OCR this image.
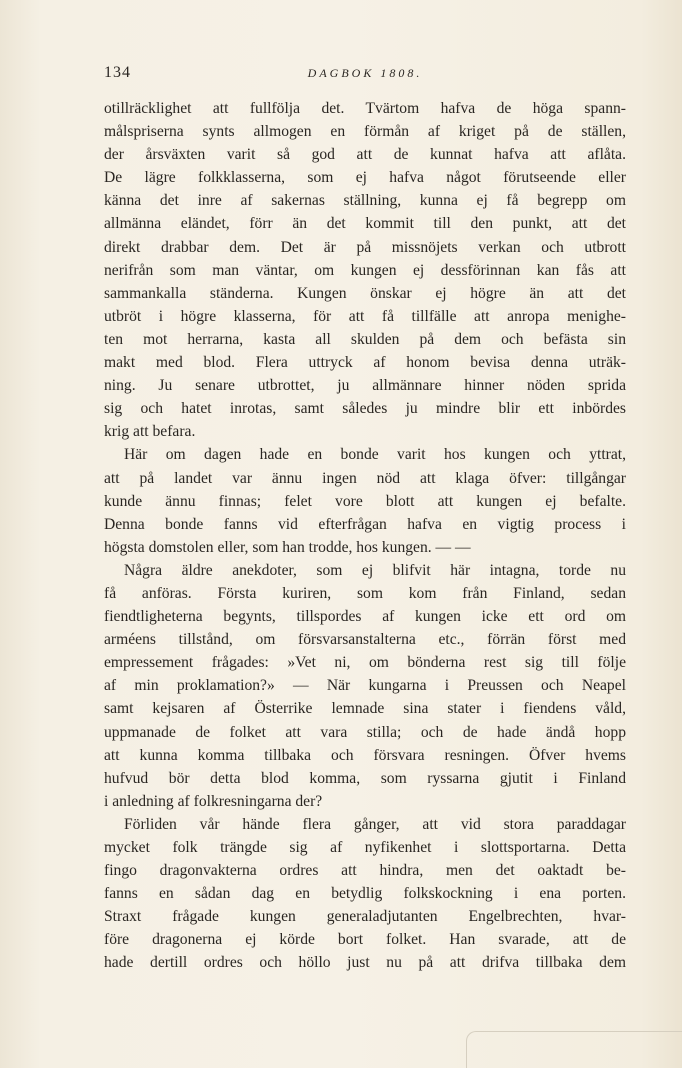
134	DAGBOK 1808.
otillräcklighet att fullfölja det. Tvärtom hafva de höga spann-
målspriserna synts allmogen en förmån af kriget på de ställen,
der årsväxten varit så god att de kunnat hafva att aflåta.
De lägre folkklasserna, som ej hafva något förutseende eller
känna det inre af sakernas ställning, kunna ej få begrepp om
allmänna eländet, förr än det kommit till den punkt, att det
direkt drabbar dem. Det är på missnöjets verkan och utbrott
nerifrån som man väntar, om kungen ej dessförinnan kan fås att
sammankalla ständerna. Kungen önskar ej högre än att det
utbröt i högre klasserna, för att få tillfälle att anropa menighe-
ten mot herrarna, kasta all skulden på dem och befästa sin
makt med blod. Flera uttryck af honom bevisa denna uträk-
ning. Ju senare utbrottet, ju allmännare hinner nöden sprida
sig och hatet inrotas, samt således ju mindre blir ett inbördes
krig att befara.
Här om dagen hade en bonde varit hos kungen och yttrat,
att på landet var ännu ingen nöd att klaga öfver: tillgångar
kunde ännu finnas; felet vore blott att kungen ej befalte.
Denna bonde fanns vid efterfrågan hafva en vigtig process i
högsta domstolen eller, som han trodde, hos kungen. — —
Några äldre anekdoter, som ej blifvit här intagna, torde nu
få anföras. Första kuriren, som kom från Finland, sedan
fiendtligheterna begynts, tillspordes af kungen icke ett ord om
arméens tillstånd, om försvarsanstalterna etc., förrän först med
empressement frågades: »Vet ni, om bönderna rest sig till följe
af min proklamation?» — När kungarna i Preussen och Neapel
samt kejsaren af Österrike lemnade sina stater i fiendens våld,
uppmanade de folket att vara stilla; och de hade ändå hopp
att kunna komma tillbaka och försvara resningen. Öfver hvems
hufvud bör detta blod komma, som ryssarna gjutit i Finland
i anledning af folkresningarna der?
Förliden vår hände flera gånger, att vid stora paraddagar
mycket folk trängde sig af nyfikenhet i slottsportarna. Detta
fingo dragonvakterna ordres att hindra, men det oaktadt be-
fanns en sådan dag en betydlig folkskockning i ena porten.
Straxt frågade kungen generaladjutanten Engelbrechten, hvar-
före dragonerna ej körde bort folket. Han svarade, att de
hade dertill ordres och höllo just nu på att drifva tillbaka dem
